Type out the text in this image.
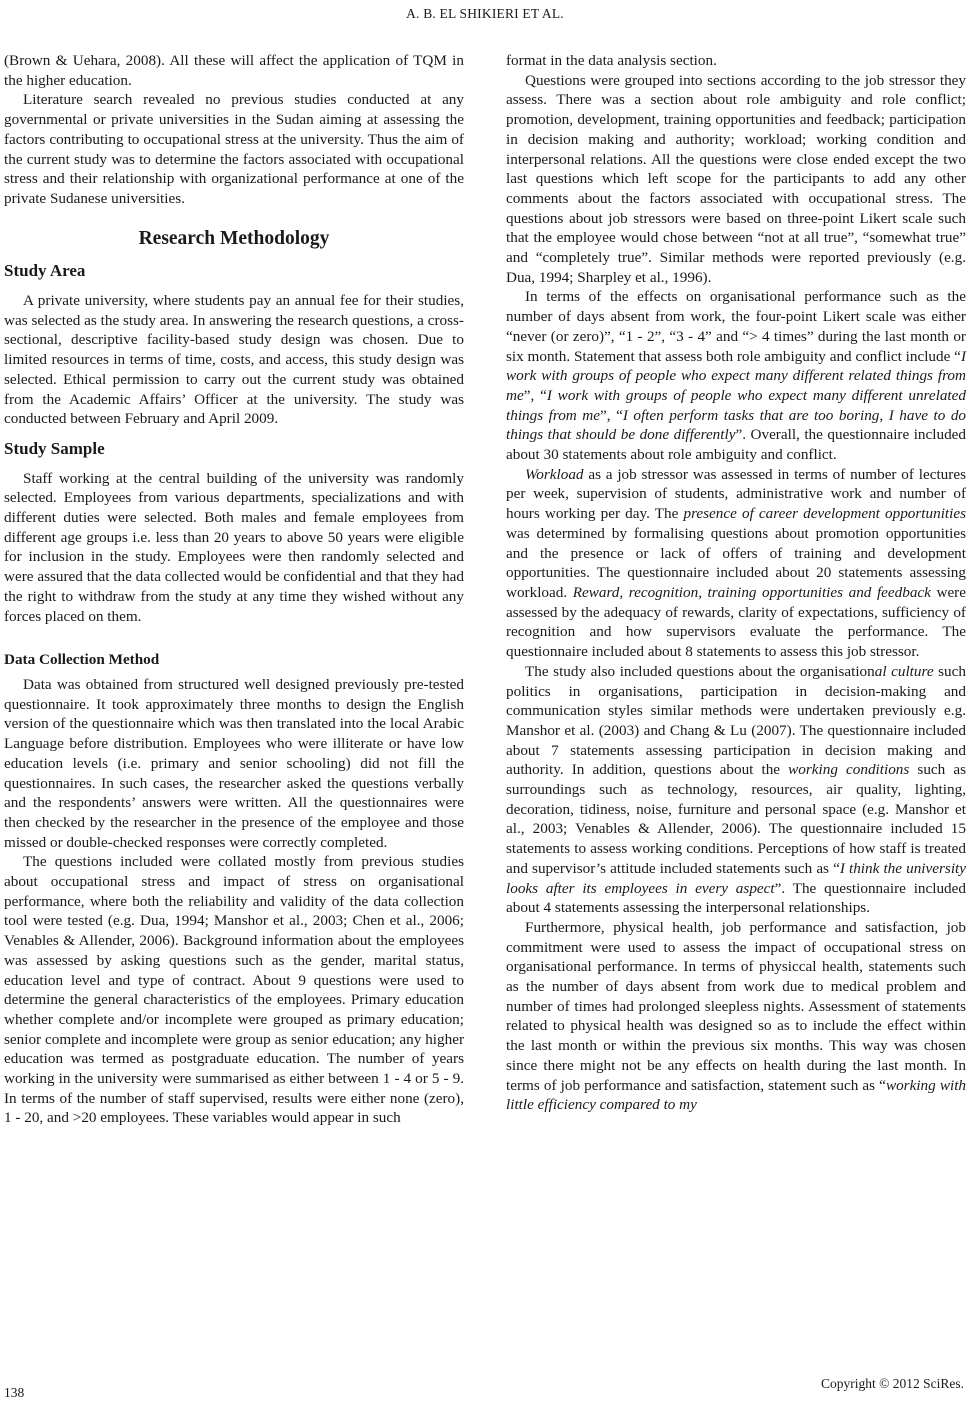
A. B. EL SHIKIERI ET AL.

(Brown & Uehara, 2008). All these will affect the application of TQM in the higher education.

Literature search revealed no previous studies conducted at any governmental or private universities in the Sudan aiming at assessing the factors contributing to occupational stress at the university. Thus the aim of the current study was to determine the factors associated with occupational stress and their relationship with organizational performance at one of the private Sudanese universities.

Research Methodology
Study Area

A private university, where students pay an annual fee for their studies, was selected as the study area. In answering the research questions, a cross-sectional, descriptive facility-based study design was chosen. Due to limited resources in terms of time, costs, and access, this study design was selected. Ethical permission to carry out the current study was obtained from the Academic Affairs’ Officer at the university. The study was conducted between February and April 2009.

Study Sample

Staff working at the central building of the university was randomly selected. Employees from various departments, specializations and with different duties were selected. Both males and female employees from different age groups i.e. less than 20 years to above 50 years were eligible for inclusion in the study. Employees were then randomly selected and were assured that the data collected would be confidential and that they had the right to withdraw from the study at any time they wished without any forces placed on them.

Data Collection Method

Data was obtained from structured well designed previously pre-tested questionnaire. It took approximately three months to design the English version of the questionnaire which was then translated into the local Arabic Language before distribution. Employees who were illiterate or have low education levels (i.e. primary and senior schooling) did not fill the questionnaires. In such cases, the researcher asked the questions verbally and the respondents’ answers were written. All the questionnaires were then checked by the researcher in the presence of the employee and those missed or double-checked responses were correctly completed.

The questions included were collated mostly from previous studies about occupational stress and impact of stress on organisational performance, where both the reliability and validity of the data collection tool were tested (e.g. Dua, 1994; Manshor et al., 2003; Chen et al., 2006; Venables & Allender, 2006). Background information about the employees was assessed by asking questions such as the gender, marital status, education level and type of contract. About 9 questions were used to determine the general characteristics of the employees. Primary education whether complete and/or incomplete were grouped as primary education; senior complete and incomplete were group as senior education; any higher education was termed as postgraduate education. The number of years working in the university were summarised as either between 1 - 4 or 5 - 9. In terms of the number of staff supervised, results were either none (zero), 1 - 20, and >20 employees. These variables would appear in such

format in the data analysis section.

Questions were grouped into sections according to the job stressor they assess. There was a section about role ambiguity and role conflict; promotion, development, training opportunities and feedback; participation in decision making and authority; workload; working condition and interpersonal relations. All the questions were close ended except the two last questions which left scope for the participants to add any other comments about the factors associated with occupational stress. The questions about job stressors were based on three-point Likert scale such that the employee would chose between “not at all true”, “somewhat true” and “completely true”. Similar methods were reported previously (e.g. Dua, 1994; Sharpley et al., 1996).

In terms of the effects on organisational performance such as the number of days absent from work, the four-point Likert scale was either “never (or zero)”, “1 - 2”, “3 - 4” and “> 4 times” during the last month or six month. Statement that assess both role ambiguity and conflict include “I work with groups of people who expect many different related things from me”, “I work with groups of people who expect many different unrelated things from me”, “I often perform tasks that are too boring, I have to do things that should be done differently”. Overall, the questionnaire included about 30 statements about role ambiguity and conflict.

Workload as a job stressor was assessed in terms of number of lectures per week, supervision of students, administrative work and number of hours working per day. The presence of career development opportunities was determined by formalising questions about promotion opportunities and the presence or lack of offers of training and development opportunities. The questionnaire included about 20 statements assessing workload. Reward, recognition, training opportunities and feedback were assessed by the adequacy of rewards, clarity of expectations, sufficiency of recognition and how supervisors evaluate the performance. The questionnaire included about 8 statements to assess this job stressor.

The study also included questions about the organisational culture such politics in organisations, participation in decision-making and communication styles similar methods were undertaken previously e.g. Manshor et al. (2003) and Chang & Lu (2007). The questionnaire included about 7 statements assessing participation in decision making and authority. In addition, questions about the working conditions such as surroundings such as technology, resources, air quality, lighting, decoration, tidiness, noise, furniture and personal space (e.g. Manshor et al., 2003; Venables & Allender, 2006). The questionnaire included 15 statements to assess working conditions. Perceptions of how staff is treated and supervisor’s attitude included statements such as “I think the university looks after its employees in every aspect”. The questionnaire included about 4 statements assessing the interpersonal relationships.

Furthermore, physical health, job performance and satisfaction, job commitment were used to assess the impact of occupational stress on organisational performance. In terms of physiccal health, statements such as the number of days absent from work due to medical problem and number of times had prolonged sleepless nights. Assessment of statements related to physical health was designed so as to include the effect within the last month or within the previous six months. This way was chosen since there might not be any effects on health during the last month. In terms of job performance and satisfaction, statement such as “working with little efficiency compared to my

138
Copyright © 2012 SciRes.
